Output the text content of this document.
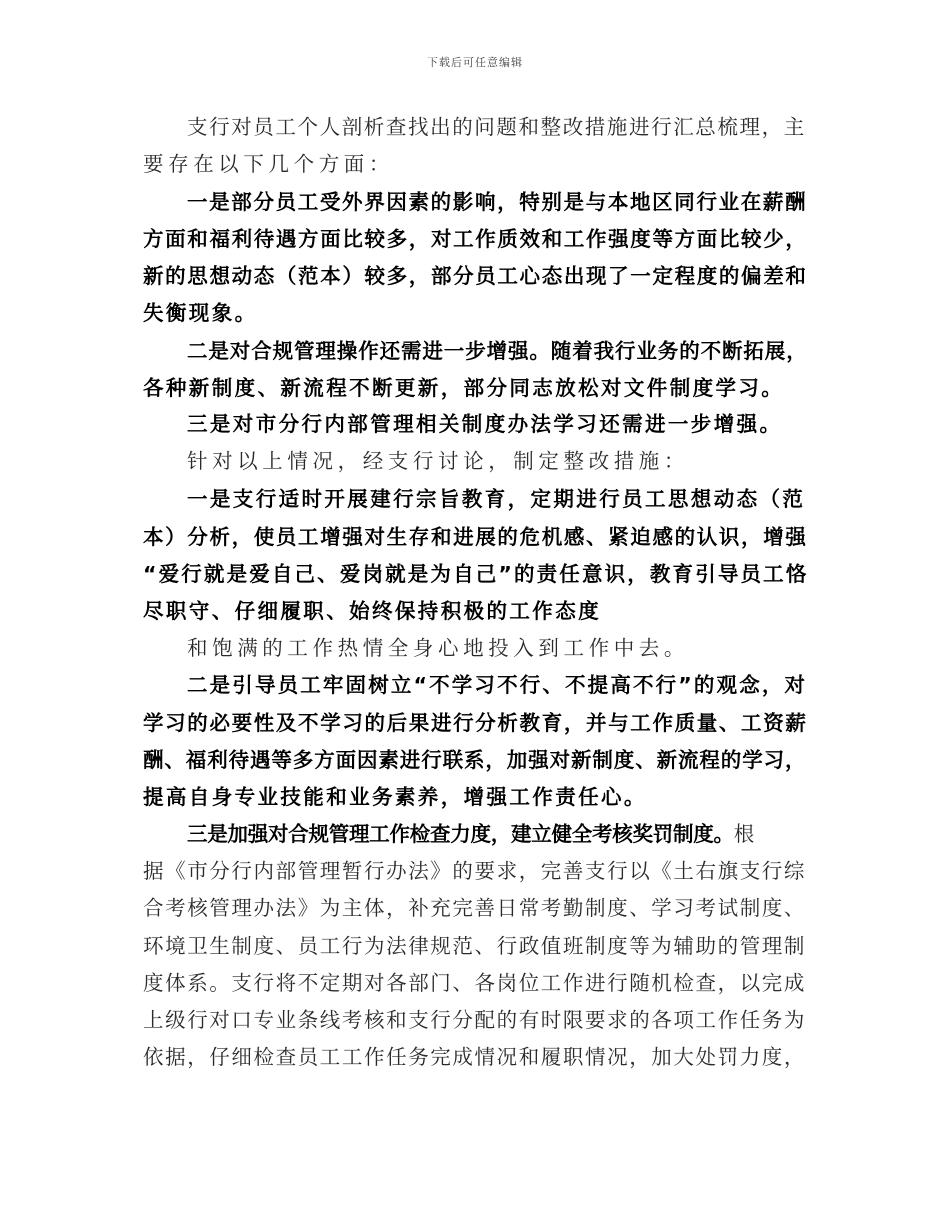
下载后可任意编辑
支行对员工个人剖析查找出的问题和整改措施进行汇总梳理，主
要存在以下几个方面：
一是部分员工受外界因素的影响，特别是与本地区同行业在薪酬
方面和福利待遇方面比较多，对工作质效和工作强度等方面比较少，
新的思想动态（范本）较多，部分员工心态出现了一定程度的偏差和
失衡现象。
二是对合规管理操作还需进一步增强。随着我行业务的不断拓展，
各种新制度、新流程不断更新，部分同志放松对文件制度学习。
三是对市分行内部管理相关制度办法学习还需进一步增强。
针对以上情况，经支行讨论，制定整改措施：
一是支行适时开展建行宗旨教育，定期进行员工思想动态（范
本）分析，使员工增强对生存和进展的危机感、紧迫感的认识，增强
“爱行就是爱自己、爱岗就是为自己”的责任意识，教育引导员工恪
尽职守、仔细履职、始终保持积极的工作态度
和饱满的工作热情全身心地投入到工作中去。
二是引导员工牢固树立“不学习不行、不提高不行”的观念，对
学习的必要性及不学习的后果进行分析教育，并与工作质量、工资薪
酬、福利待遇等多方面因素进行联系，加强对新制度、新流程的学习，
提高自身专业技能和业务素养，增强工作责任心。
三是加强对合规管理工作检查力度，建立健全考核奖罚制度。根
据《市分行内部管理暂行办法》的要求，完善支行以《土右旗支行综
合考核管理办法》为主体，补充完善日常考勤制度、学习考试制度、
环境卫生制度、员工行为法律规范、行政值班制度等为辅助的管理制
度体系。支行将不定期对各部门、各岗位工作进行随机检查，以完成
上级行对口专业条线考核和支行分配的有时限要求的各项工作任务为
依据，仔细检查员工工作任务完成情况和履职情况，加大处罚力度，
